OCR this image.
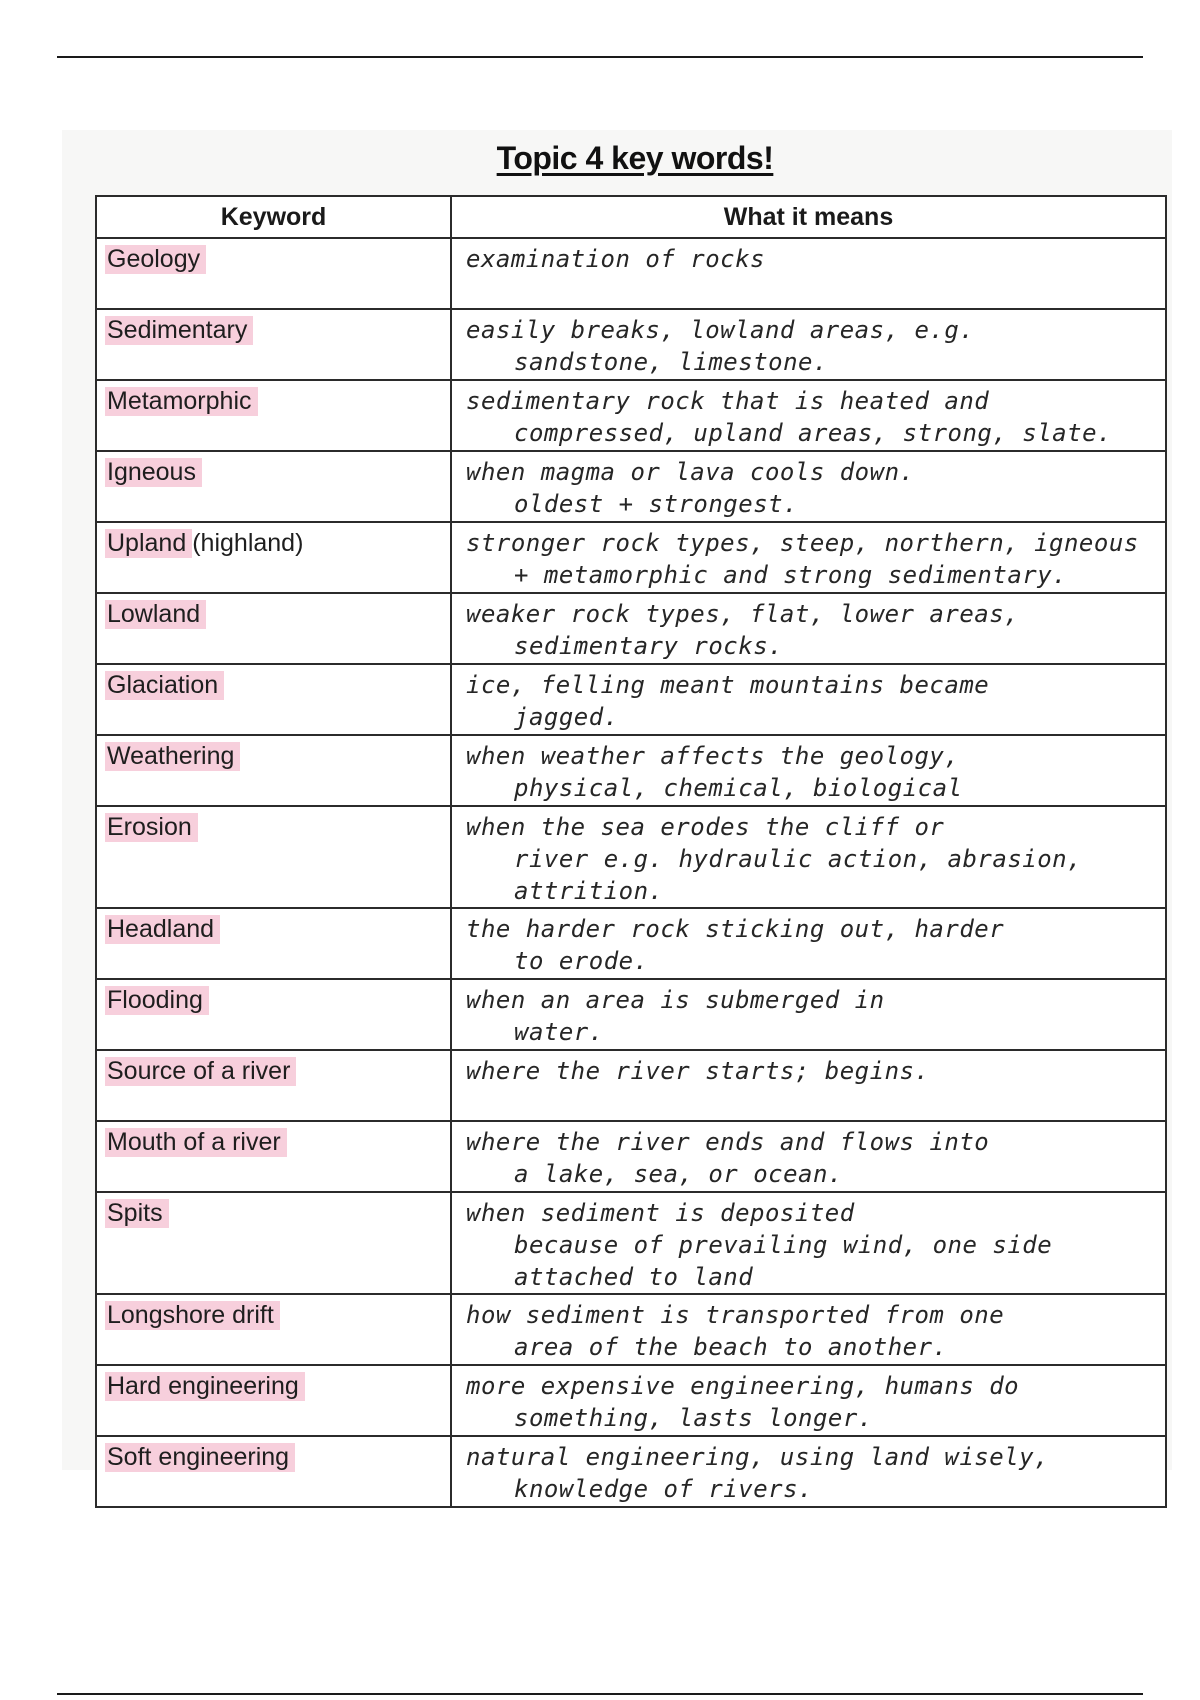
Topic 4 key words!
Keyword	What it means
Geology	examination of rocks

Sedimentary	easily breaks, lowland areas, e.g.
sandstone, limestone.

Metamorphic	sedimentary rock that is heated and
compressed, upland areas, strong, slate.

Igneous	when magma or lava cools down.
oldest + strongest.

Upland (highland)	stronger rock types, steep, northern, igneous
+ metamorphic and strong sedimentary.

Lowland	weaker rock types, flat, lower areas,
sedimentary rocks.

Glaciation	ice, felling meant mountains became
jagged.

Weathering	when weather affects the geology,
physical, chemical, biological

Erosion	when the sea erodes the cliff or
river e.g. hydraulic action, abrasion, attrition.

Headland	the harder rock sticking out, harder
to erode.

Flooding	when an area is submerged in
water.

Source of a river	where the river starts; begins.

Mouth of a river	where the river ends and flows into
a lake, sea, or ocean.

Spits	when sediment is deposited
because of prevailing wind, one side attached to land

Longshore drift	how sediment is transported from one
area of the beach to another.

Hard engineering	more expensive engineering, humans do
something, lasts longer.

Soft engineering	natural engineering, using land wisely,
knowledge of rivers.
